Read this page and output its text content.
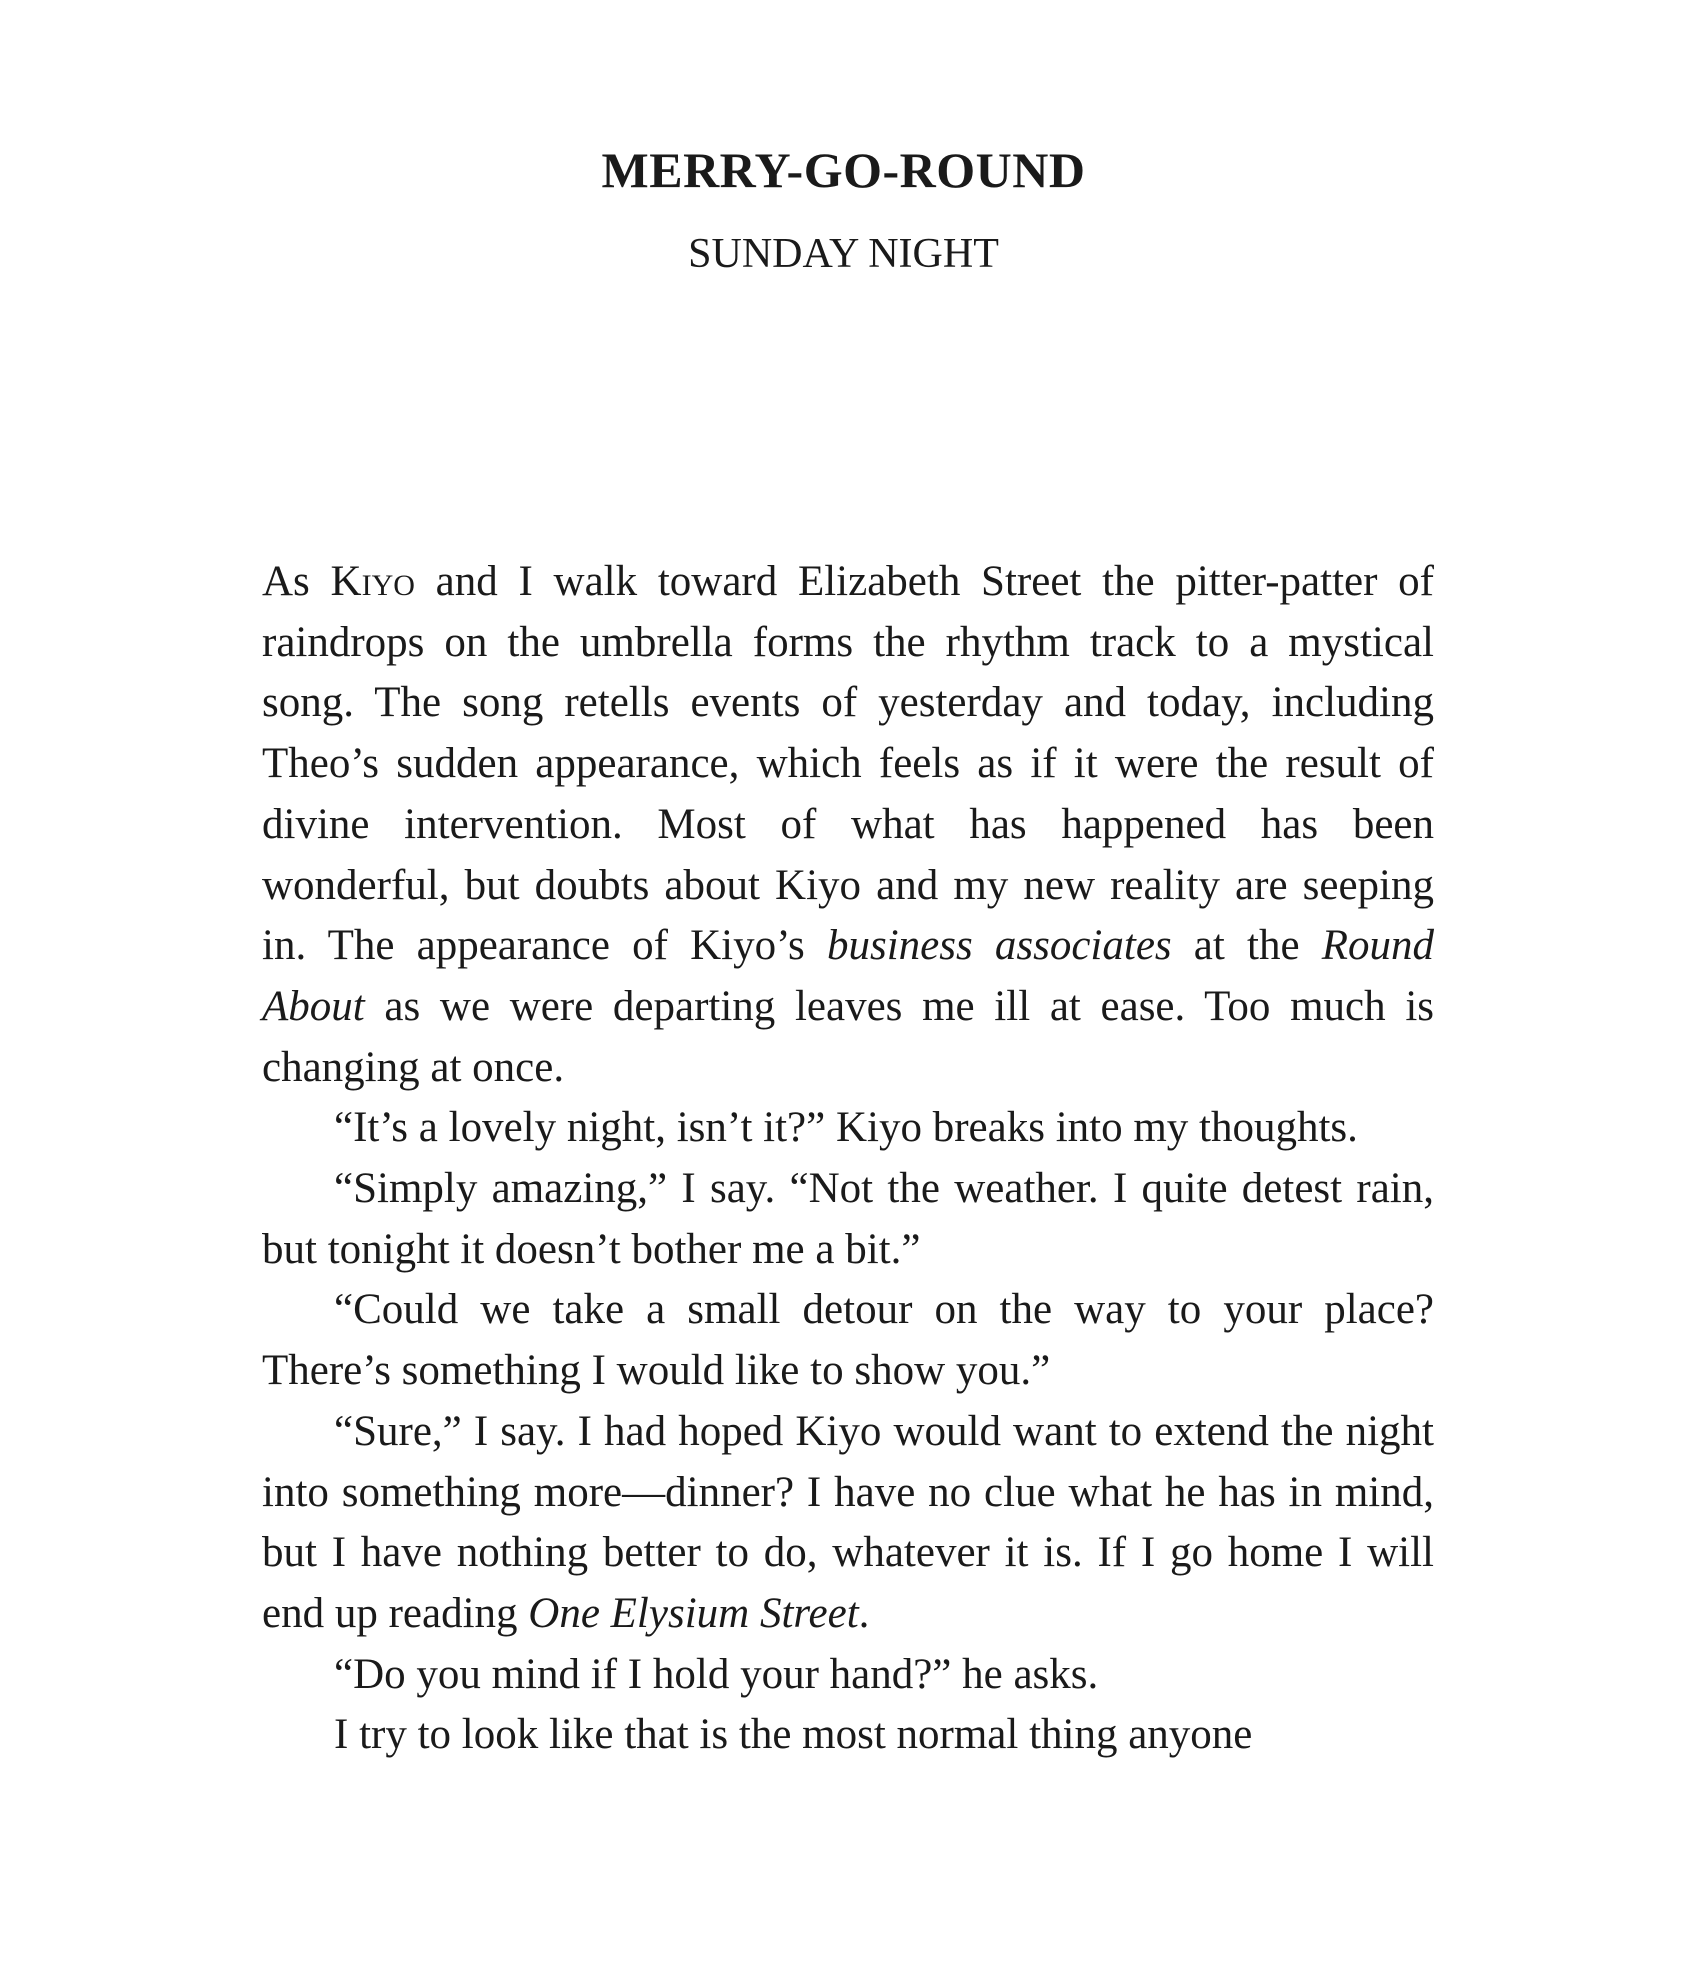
MERRY-GO-ROUND
SUNDAY NIGHT

As Kiyo and I walk toward Elizabeth Street the pitter-patter of raindrops on the umbrella forms the rhythm track to a mystical song. The song retells events of yesterday and today, including Theo’s sudden appearance, which feels as if it were the result of divine intervention. Most of what has happened has been wonderful, but doubts about Kiyo and my new reality are seeping in. The appearance of Kiyo’s business associates at the Round About as we were departing leaves me ill at ease. Too much is changing at once.

“It’s a lovely night, isn’t it?” Kiyo breaks into my thoughts.

“Simply amazing,” I say. “Not the weather. I quite detest rain, but tonight it doesn’t bother me a bit.”

“Could we take a small detour on the way to your place? There’s something I would like to show you.”

“Sure,” I say. I had hoped Kiyo would want to extend the night into something more—dinner? I have no clue what he has in mind, but I have nothing better to do, whatever it is. If I go home I will end up reading One Elysium Street.

“Do you mind if I hold your hand?” he asks.

I try to look like that is the most normal thing anyone
